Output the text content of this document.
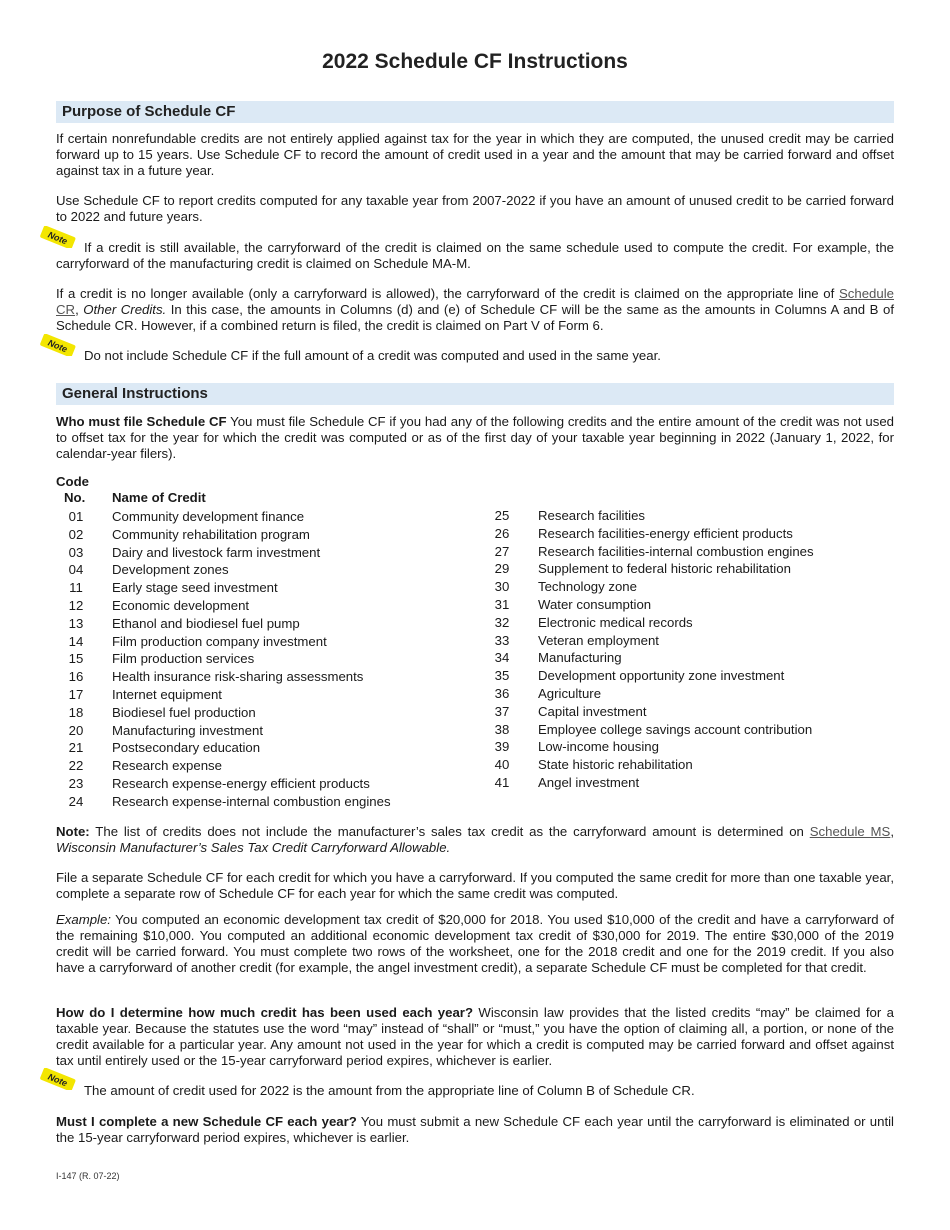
2022 Schedule CF Instructions
Purpose of Schedule CF

If certain nonrefundable credits are not entirely applied against tax for the year in which they are computed, the unused credit may be carried forward up to 15 years. Use Schedule CF to record the amount of credit used in a year and the amount that may be carried forward and offset against tax in a future year.

Use Schedule CF to report credits computed for any taxable year from 2007-2022 if you have an amount of unused credit to be carried forward to 2022 and future years.

Note

If a credit is still available, the carryforward of the credit is claimed on the same schedule used to compute the credit. For example, the carryforward of the manufacturing credit is claimed on Schedule MA-M.

If a credit is no longer available (only a carryforward is allowed), the carryforward of the credit is claimed on the appropriate line of Schedule CR, Other Credits. In this case, the amounts in Columns (d) and (e) of Schedule CF will be the same as the amounts in Columns A and B of Schedule CR. However, if a combined return is filed, the credit is claimed on Part V of Form 6.

Note

Do not include Schedule CF if the full amount of a credit was computed and used in the same year.

General Instructions

Who must file Schedule CF You must file Schedule CF if you had any of the following credits and the entire amount of the credit was not used to offset tax for the year for which the credit was computed or as of the first day of your taxable year beginning in 2022 (January 1, 2022, for calendar-year filers).

Code
No. Name of Credit
01	Community development finance
02	Community rehabilitation program
03	Dairy and livestock farm investment
04	Development zones
11	Early stage seed investment
12	Economic development
13	Ethanol and biodiesel fuel pump
14	Film production company investment
15	Film production services
16	Health insurance risk-sharing assessments
17	Internet equipment
18	Biodiesel fuel production
20	Manufacturing investment
21	Postsecondary education
22	Research expense
23	Research expense-energy efficient products
24	Research expense-internal combustion engines
25	Research facilities
26	Research facilities-energy efficient products
27	Research facilities-internal combustion engines
29	Supplement to federal historic rehabilitation
30	Technology zone
31	Water consumption
32	Electronic medical records
33	Veteran employment
34	Manufacturing
35	Development opportunity zone investment
36	Agriculture
37	Capital investment
38	Employee college savings account contribution
39	Low-income housing
40	State historic rehabilitation
41	Angel investment

Note: The list of credits does not include the manufacturer’s sales tax credit as the carryforward amount is determined on Schedule MS, Wisconsin Manufacturer’s Sales Tax Credit Carryforward Allowable.

File a separate Schedule CF for each credit for which you have a carryforward. If you computed the same credit for more than one taxable year, complete a separate row of Schedule CF for each year for which the same credit was computed.

Example: You computed an economic development tax credit of $20,000 for 2018. You used $10,000 of the credit and have a carryforward of the remaining $10,000. You computed an additional economic development tax credit of $30,000 for 2019. The entire $30,000 of the 2019 credit will be carried forward. You must complete two rows of the worksheet, one for the 2018 credit and one for the 2019 credit. If you also have a carryforward of another credit (for example, the angel investment credit), a separate Schedule CF must be completed for that credit.

How do I determine how much credit has been used each year? Wisconsin law provides that the listed credits “may” be claimed for a taxable year. Because the statutes use the word “may” instead of “shall” or “must,” you have the option of claiming all, a portion, or none of the credit available for a particular year. Any amount not used in the year for which a credit is computed may be carried forward and offset against tax until entirely used or the 15-year carryforward period expires, whichever is earlier.

Note

The amount of credit used for 2022 is the amount from the appropriate line of Column B of Schedule CR.

Must I complete a new Schedule CF each year? You must submit a new Schedule CF each year until the carryforward is eliminated or until the 15-year carryforward period expires, whichever is earlier.

I-147 (R. 07-22)
